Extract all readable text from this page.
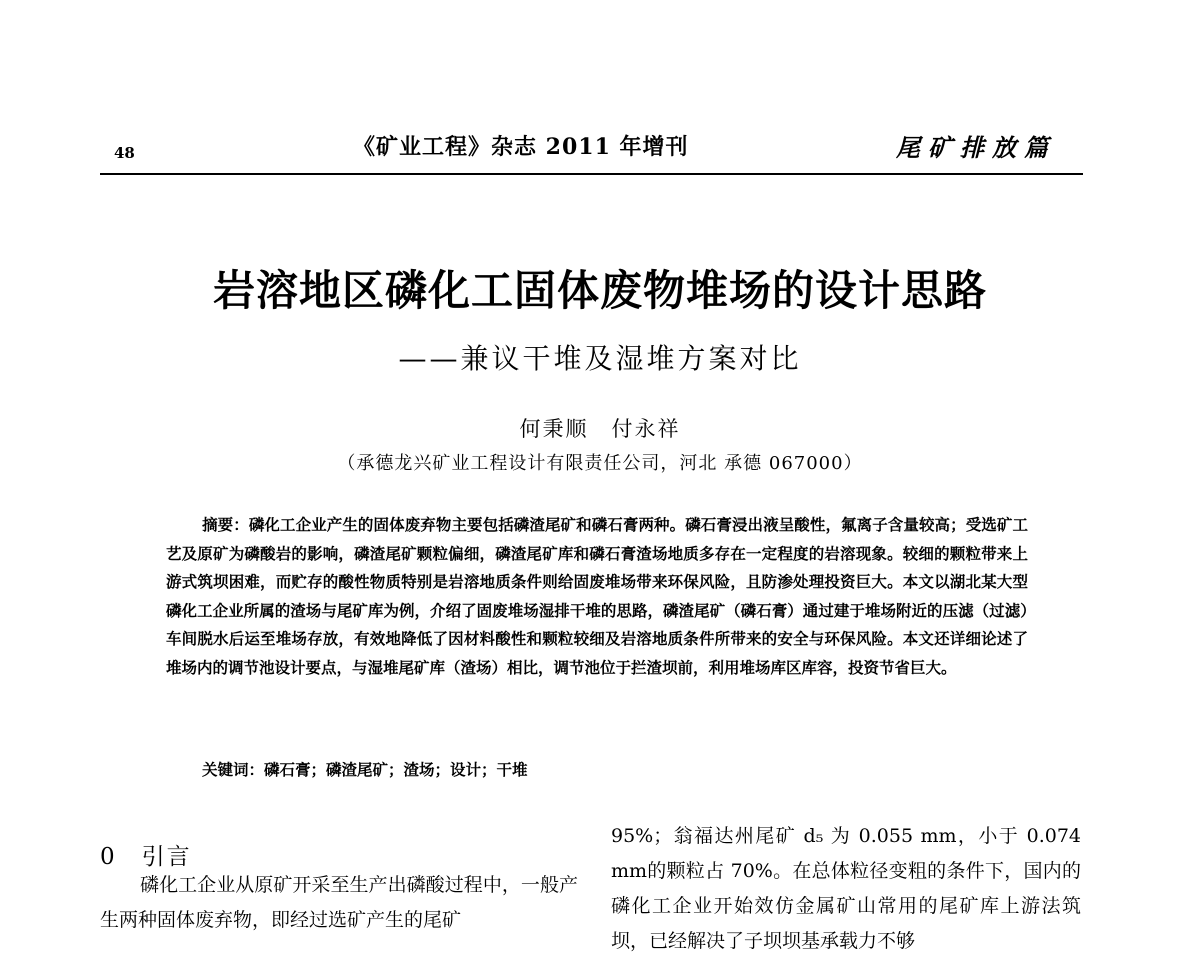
48	《矿业工程》杂志 2011 年增刊	尾矿排放篇
岩溶地区磷化工固体废物堆场的设计思路
——兼议干堆及湿堆方案对比
何秉顺　付永祥
（承德龙兴矿业工程设计有限责任公司，河北 承德 067000）
摘要：磷化工企业产生的固体废弃物主要包括磷渣尾矿和磷石膏两种。磷石膏浸出液呈酸性，氟离子含量较高；受选矿工艺及原矿为磷酸岩的影响，磷渣尾矿颗粒偏细，磷渣尾矿库和磷石膏渣场地质多存在一定程度的岩溶现象。较细的颗粒带来上游式筑坝困难，而贮存的酸性物质特别是岩溶地质条件则给固废堆场带来环保风险，且防渗处理投资巨大。本文以湖北某大型磷化工企业所属的渣场与尾矿库为例，介绍了固废堆场湿排干堆的思路，磷渣尾矿（磷石膏）通过建于堆场附近的压滤（过滤）车间脱水后运至堆场存放，有效地降低了因材料酸性和颗粒较细及岩溶地质条件所带来的安全与环保风险。本文还详细论述了堆场内的调节池设计要点，与湿堆尾矿库（渣场）相比，调节池位于拦渣坝前，利用堆场库区库容，投资节省巨大。
关键词：磷石膏；磷渣尾矿；渣场；设计；干堆
0　引言
磷化工企业从原矿开采至生产出磷酸过程中，一般产生两种固体废弃物，即经过选矿产生的尾矿
95%；翁福达州尾矿 d₅ 为 0.055 mm，小于 0.074 mm的颗粒占 70%。在总体粒径变粗的条件下，国内的磷化工企业开始效仿金属矿山常用的尾矿库上游法筑坝，已经解决了子坝坝基承载力不够
